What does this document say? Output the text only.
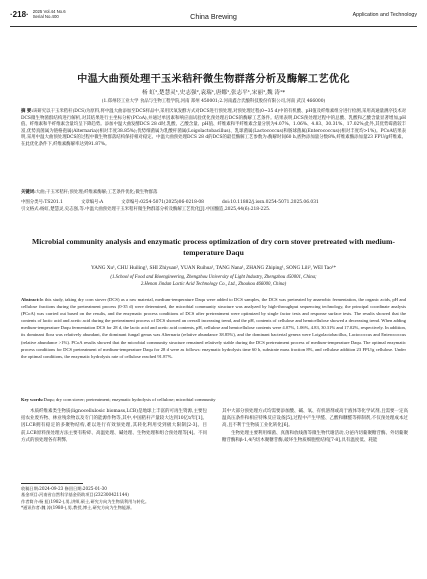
·218· 2025 Vol.44 No.6
Serial No.400	China Brewing	Application and Technology
中温大曲预处理干玉米秸秆微生物群落分析及酶解工艺优化
杨 虹¹,楚慧灵¹,史志强²,袁瑞¹,唐娜¹,张志平¹,宋丽¹,魏 涛¹*
(1.郑州轻工业大学 食品与生物工程学院,河南 郑州 450001;2.河南鑫合氏酿科技股份有限公司,河南 武汉 466000)
摘 要:该研究以干玉米秸秆(DCS)为原料,将中温大曲添加至DCS样品中,采用厌氧发酵方式对DCS进行预处理,对预处理过程(0~35 d)中的有机酸、pH值及纤维素组分进行检测,采用高通量测序技术对DCS微生物菌群结构进行解析,对其结果进行主坐标分析(PCoA),并通过单因素和响应面试验优化预处理后DCS的酶解工艺条件。结果表明,DCS预处理过程中的总酸、乳酸和乙酸含量显著增加,pH值、纤维素和半纤维素含量均呈下降趋势。添加中温大曲发酵DCS 28 d时,乳酸、乙酸含量、pH值、纤维素和半纤维素含量分别为4.07%、1.06%、4.83、30.31%、17.02%;此外,其优势霉菌较丰富,优势真菌属为链格孢属(Alternaria)(相对丰度38.85%);优势细菌属为乳酸杆菌属(Loigolactobacillus)、乳球菌属(Lactococcus)和肠球菌属(Enterococcus)(相对丰度均>1%)。PCoA结果表明,采用中温大曲预处理DCS的过程中微生物群落结构保持相对稳定。中温大曲预处理DCS 28 d的DCS的最佳酶解工艺参数为:酶解时间60 h,底物添加量分数8%,纤维素酶添加量23 FPU/g纤维素。在此优化条件下,纤维素酶解率达到91.87%。
关键词:大曲;干玉米秸秆;预处理;纤维素酶解;工艺条件优化;微生物群落
中图分类号:TS201.1	文章编号:A	文章编号:0254-5071(2025)06-0218-08	doi:10.11882/j.issn.0254-5071.2025.06.031
引文格式:杨虹,楚慧灵,史志强,等.中温大曲预处理干玉米秸秆微生物群落分析及酶解工艺优化[J].中国酿造,2025,44(6):218-225.
Microbial community analysis and enzymatic process optimization of dry corn stover pretreated with medium-temperature Daqu
YANG Xu¹, CHU Huiling¹, SHI Zhiyuan², YUAN Ruihua¹, TANG Nana¹, ZHANG Zhiping¹, SONG Lili², WEI Tao¹*
(1.School of Food and Bioengineering, Zhengzhou University of Light Industry, Zhengzhou 450001, China;
2.Henan Jindan Lactic Acid Technology Co., Ltd., Zhoukou 466000, China)
Abstract:In this study, taking dry corn stover (DCS) as a raw material, medium-temperature Daqu were added to DCS samples, the DCS was pretreated by anaerobic fermentation, the organic acids, pH and cellulose fractions during the pretreatment process (0-35 d) were determined, the microbial community structure was analyzed by high-throughput sequencing technology, the principal coordinate analysis (PCoA) was carried out based on the results, and the enzymatic process conditions of DCS after pretreatment were optimized by single factor tests and response surface tests. The results showed that the contents of lactic acid and acetic acid during the pretreatment process of DCS showed an overall increasing trend, and the pH, contents of cellulose and hemicellulose showed a decreasing trend. When adding medium-temperature Daqu fermentation DCS for 28 d, the lactic acid and acetic acid contents, pH, cellulose and hemicellulose contents were 4.07%, 1.06%, 4.83, 30.31% and 17.02%, respectively. In addition, its dominant flora was relatively abundant, the dominant fungal genus was Alternaria (relative abundance 38.85%), and the dominant bacterial genera were Loigolactobacillus, Lactococcus and Enterococcus (relative abundance >1%). PCoA results showed that the microbial community structure remained relatively stable during the DCS pretreatment process of medium-temperature Daqu. The optimal enzymatic process conditions for DCS pretreatment of medium-temperature Daqu for 28 d were as follows: enzymatic hydrolysis time 60 h, substrate mass fraction 8%, and cellulase addition 23 FPU/g cellulose. Under the optimal conditions, the enzymatic hydrolysis rate of cellulose reached 91.87%.
Key words:Daqu; dry corn stover; pretreatment; enzymatic hydrolysis of cellulose; microbial community

木质纤维素类生物质(lignocellulosic biomass,LCB)是地球上丰富的可再生资源,主要包括农业废弃物、林业残余物以及专门的能源作物等,其中,中国秸秆产量较大达到10亿t/年[1]。因LCB拥有稳定的多聚物结构,难以进行有效预处理,其转化利用受到极大限制[2-3]。目前,LCB原料预处理方法主要有粉碎、高温处理、碱处理、生物处理和组合预处理等[4]。不同方式的预处理各有利弊,

其中大部分预处理方式均需要添加酸、碱、氧、有机溶剂或高于液体等化学试剂,且需要一定高温高压条件和相应特殊反应设备[5],过程中产生甲醛、乙酸和糠醛等抑制剂,不仅预处理成本过高,且不利于生物质工业化转化[6]。

生物处理主要利用细菌、真菌和放线菌等微生物代谢活动,分泌内切葡聚糖苷酶、外切葡聚糖苷酶和β-1,4内切木聚糖苷酶,破坏生物质细胞壁结构[7-8],具有温度低、耗能

收稿日期:2024-09-23 修回日期:2025-01-30
基金项目:河南省自然科学基金资助项目(232300421144)
作者简介:杨 虹(1982-),男,讲师,硕士,研究方向为生物质利用与转化。
*通讯作者:魏 涛(1980-),男,教授,博士,研究方向为生物能源。
